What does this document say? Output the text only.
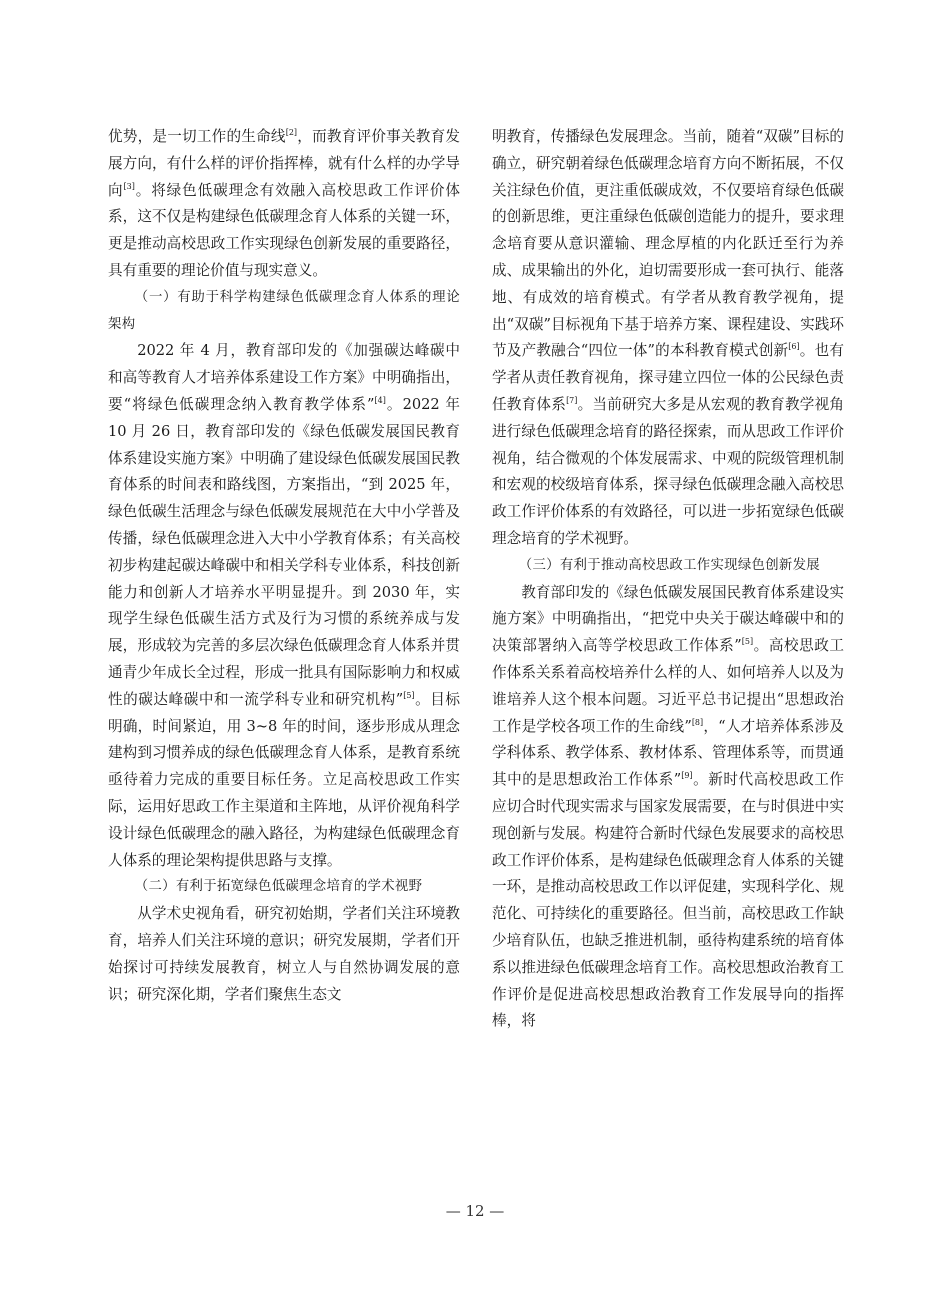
优势，是一切工作的生命线[2]，而教育评价事关教育发展方向，有什么样的评价指挥棒，就有什么样的办学导向[3]。将绿色低碳理念有效融入高校思政工作评价体系，这不仅是构建绿色低碳理念育人体系的关键一环，更是推动高校思政工作实现绿色创新发展的重要路径，具有重要的理论价值与现实意义。

（一）有助于科学构建绿色低碳理念育人体系的理论架构

2022 年 4 月，教育部印发的《加强碳达峰碳中和高等教育人才培养体系建设工作方案》中明确指出，要“将绿色低碳理念纳入教育教学体系”[4]。2022 年 10 月 26 日，教育部印发的《绿色低碳发展国民教育体系建设实施方案》中明确了建设绿色低碳发展国民教育体系的时间表和路线图，方案指出，“到 2025 年，绿色低碳生活理念与绿色低碳发展规范在大中小学普及传播，绿色低碳理念进入大中小学教育体系；有关高校初步构建起碳达峰碳中和相关学科专业体系，科技创新能力和创新人才培养水平明显提升。到 2030 年，实现学生绿色低碳生活方式及行为习惯的系统养成与发展，形成较为完善的多层次绿色低碳理念育人体系并贯通青少年成长全过程，形成一批具有国际影响力和权威性的碳达峰碳中和一流学科专业和研究机构”[5]。目标明确，时间紧迫，用 3~8 年的时间，逐步形成从理念建构到习惯养成的绿色低碳理念育人体系，是教育系统亟待着力完成的重要目标任务。立足高校思政工作实际，运用好思政工作主渠道和主阵地，从评价视角科学设计绿色低碳理念的融入路径，为构建绿色低碳理念育人体系的理论架构提供思路与支撑。

（二）有利于拓宽绿色低碳理念培育的学术视野

从学术史视角看，研究初始期，学者们关注环境教育，培养人们关注环境的意识；研究发展期，学者们开始探讨可持续发展教育，树立人与自然协调发展的意识；研究深化期，学者们聚焦生态文

明教育，传播绿色发展理念。当前，随着“双碳”目标的确立，研究朝着绿色低碳理念培育方向不断拓展，不仅关注绿色价值，更注重低碳成效，不仅要培育绿色低碳的创新思维，更注重绿色低碳创造能力的提升，要求理念培育要从意识灌输、理念厚植的内化跃迁至行为养成、成果输出的外化，迫切需要形成一套可执行、能落地、有成效的培育模式。有学者从教育教学视角，提出“双碳”目标视角下基于培养方案、课程建设、实践环节及产教融合“四位一体”的本科教育模式创新[6]。也有学者从责任教育视角，探寻建立四位一体的公民绿色责任教育体系[7]。当前研究大多是从宏观的教育教学视角进行绿色低碳理念培育的路径探索，而从思政工作评价视角，结合微观的个体发展需求、中观的院级管理机制和宏观的校级培育体系，探寻绿色低碳理念融入高校思政工作评价体系的有效路径，可以进一步拓宽绿色低碳理念培育的学术视野。

（三）有利于推动高校思政工作实现绿色创新发展

教育部印发的《绿色低碳发展国民教育体系建设实施方案》中明确指出，“把党中央关于碳达峰碳中和的决策部署纳入高等学校思政工作体系”[5]。高校思政工作体系关系着高校培养什么样的人、如何培养人以及为谁培养人这个根本问题。习近平总书记提出“思想政治工作是学校各项工作的生命线”[8]，“人才培养体系涉及学科体系、教学体系、教材体系、管理体系等，而贯通其中的是思想政治工作体系”[9]。新时代高校思政工作应切合时代现实需求与国家发展需要，在与时俱进中实现创新与发展。构建符合新时代绿色发展要求的高校思政工作评价体系，是构建绿色低碳理念育人体系的关键一环，是推动高校思政工作以评促建，实现科学化、规范化、可持续化的重要路径。但当前，高校思政工作缺少培育队伍，也缺乏推进机制，亟待构建系统的培育体系以推进绿色低碳理念培育工作。高校思想政治教育工作评价是促进高校思想政治教育工作发展导向的指挥棒，将

— 12 —
